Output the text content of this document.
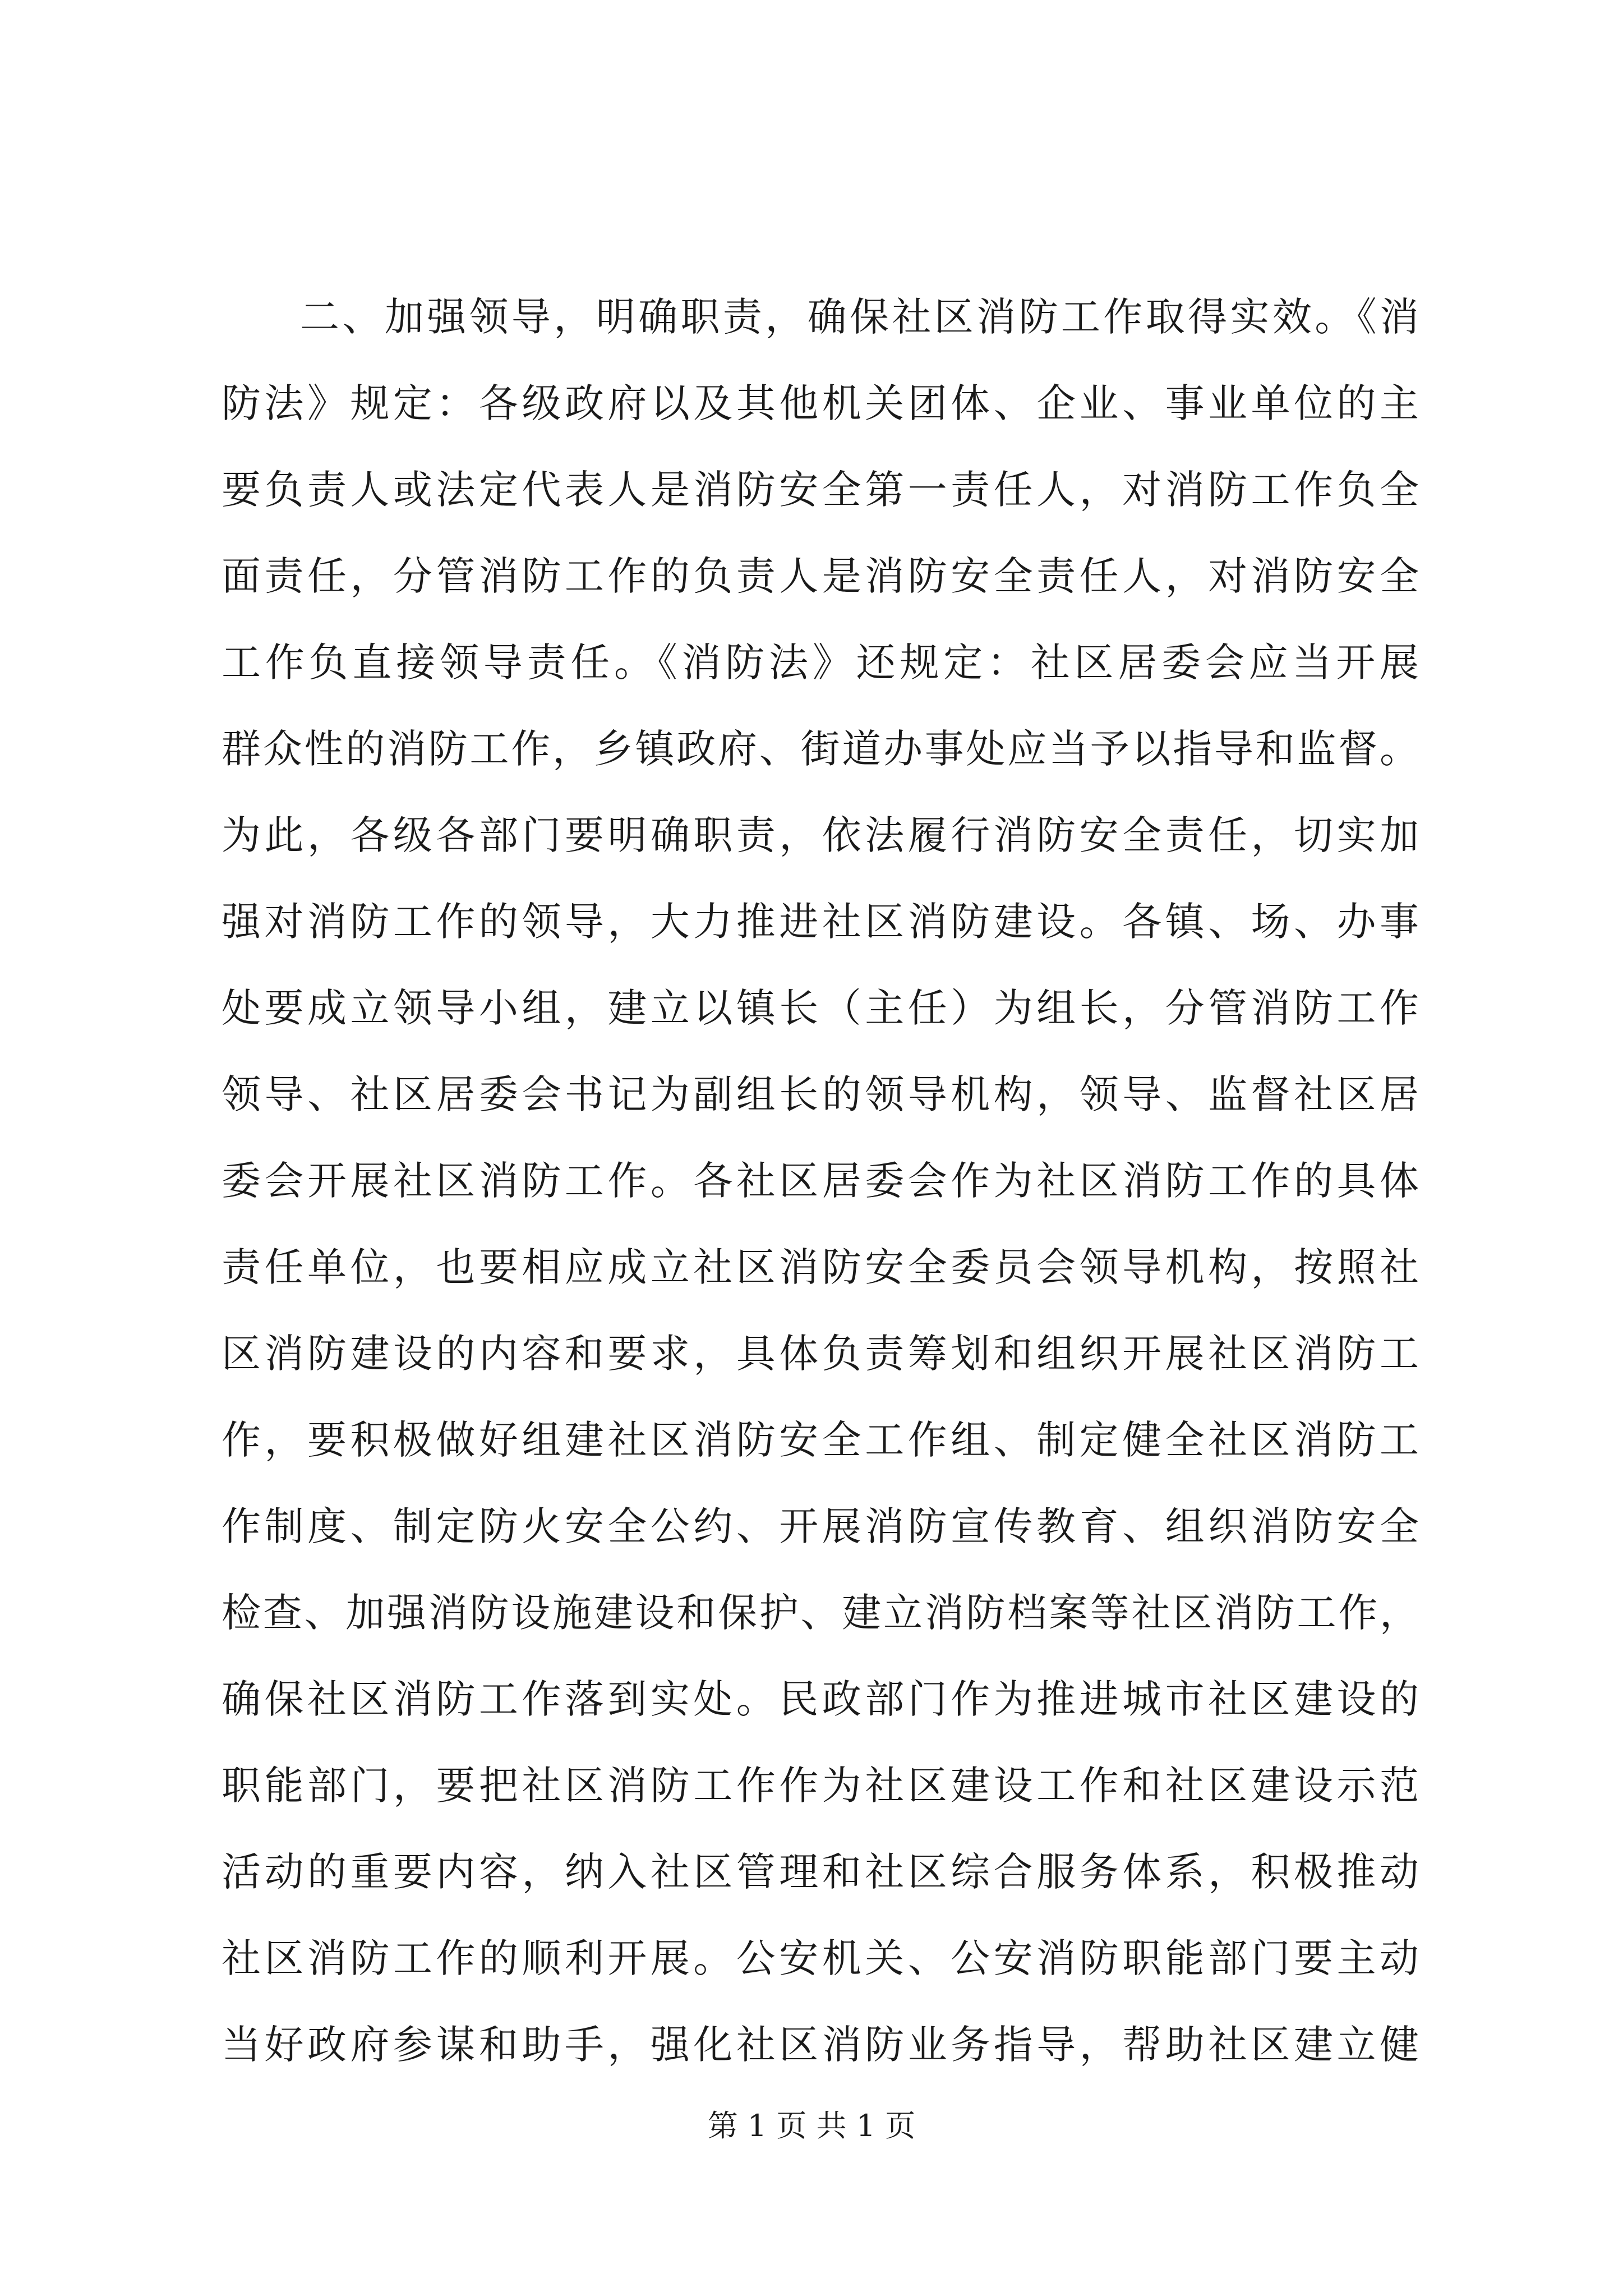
二、加强领导，明确职责，确保社区消防工作取得实效。《消
防法》规定：各级政府以及其他机关团体、企业、事业单位的主
要负责人或法定代表人是消防安全第一责任人，对消防工作负全
面责任，分管消防工作的负责人是消防安全责任人，对消防安全
工作负直接领导责任。《消防法》还规定：社区居委会应当开展
群众性的消防工作，乡镇政府、街道办事处应当予以指导和监督。
为此，各级各部门要明确职责，依法履行消防安全责任，切实加
强对消防工作的领导，大力推进社区消防建设。各镇、场、办事
处要成立领导小组，建立以镇长（主任）为组长，分管消防工作
领导、社区居委会书记为副组长的领导机构，领导、监督社区居
委会开展社区消防工作。各社区居委会作为社区消防工作的具体
责任单位，也要相应成立社区消防安全委员会领导机构，按照社
区消防建设的内容和要求，具体负责筹划和组织开展社区消防工
作，要积极做好组建社区消防安全工作组、制定健全社区消防工
作制度、制定防火安全公约、开展消防宣传教育、组织消防安全
检查、加强消防设施建设和保护、建立消防档案等社区消防工作，
确保社区消防工作落到实处。民政部门作为推进城市社区建设的
职能部门，要把社区消防工作作为社区建设工作和社区建设示范
活动的重要内容，纳入社区管理和社区综合服务体系，积极推动
社区消防工作的顺利开展。公安机关、公安消防职能部门要主动
当好政府参谋和助手，强化社区消防业务指导，帮助社区建立健
第 1 页 共 1 页
